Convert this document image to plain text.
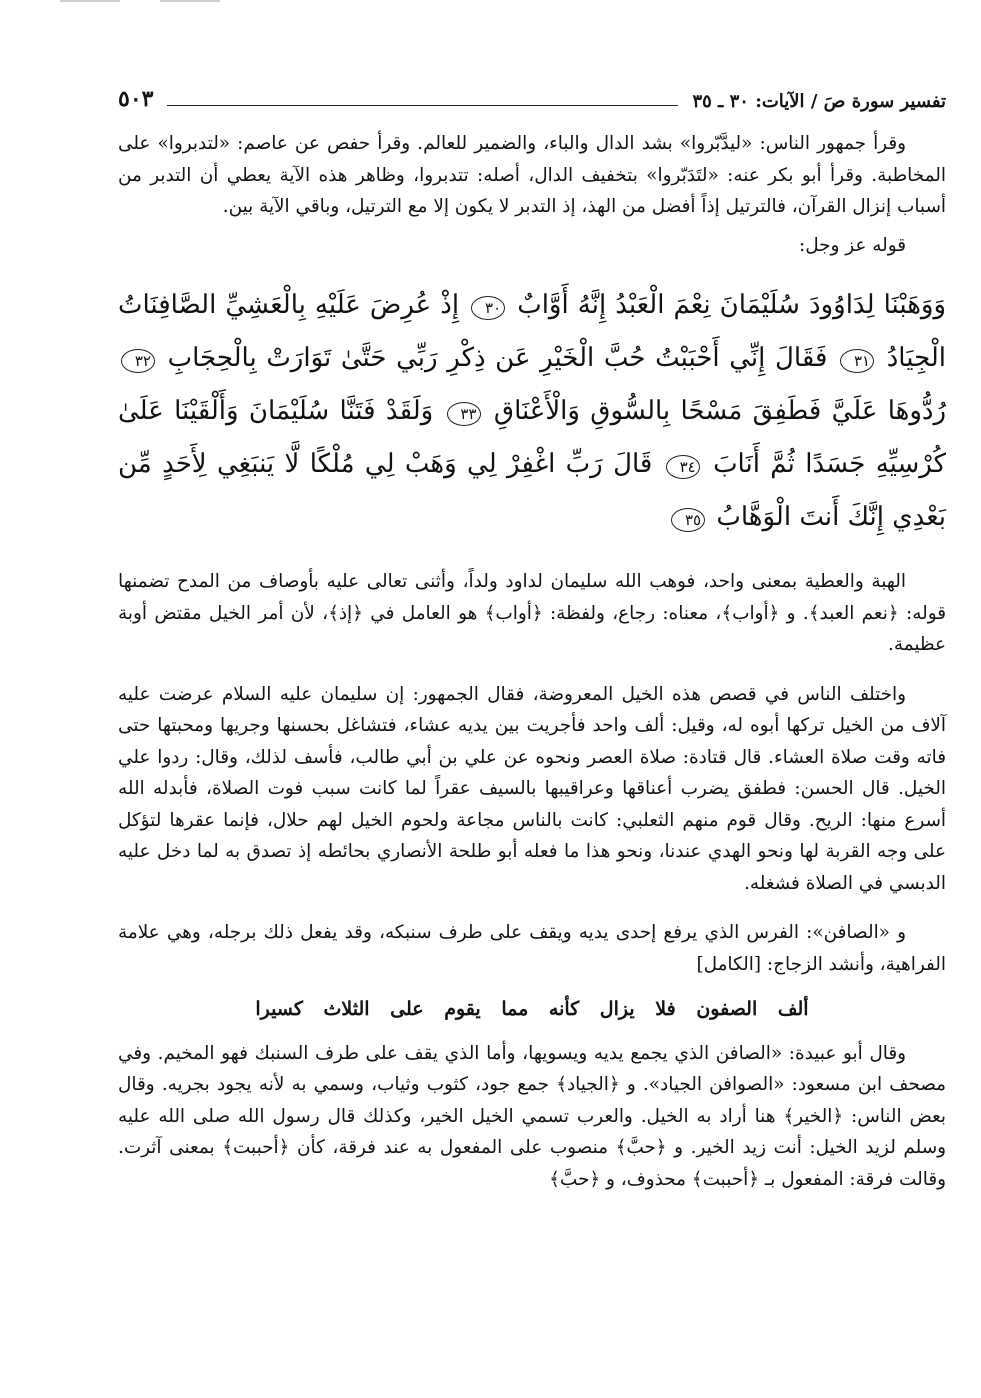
تفسير سورة صَ / الآيات: ٣٠ ـ ٣٥
٥٠٣

وقرأ جمهور الناس: «ليدَّبّروا» بشد الدال والباء، والضمير للعالم. وقرأ حفص عن عاصم: «لتدبروا» على المخاطبة. وقرأ أبو بكر عنه: «لتَدَبّروا» بتخفيف الدال، أصله: تتدبروا، وظاهر هذه الآية يعطي أن التدبر من أسباب إنزال القرآن، فالترتيل إذاً أفضل من الهذ، إذ التدبر لا يكون إلا مع الترتيل، وباقي الآية بين.

قوله عز وجل:

وَوَهَبْنَا لِدَاوُودَ سُلَيْمَانَ نِعْمَ الْعَبْدُ إِنَّهُ أَوَّابٌ ٣٠ إِذْ عُرِضَ عَلَيْهِ بِالْعَشِيِّ الصَّافِنَاتُ الْجِيَادُ ٣١ فَقَالَ إِنِّي أَحْبَبْتُ حُبَّ الْخَيْرِ عَن ذِكْرِ رَبِّي حَتَّىٰ تَوَارَتْ بِالْحِجَابِ ٣٢ رُدُّوهَا عَلَيَّ فَطَفِقَ مَسْحًا بِالسُّوقِ وَالْأَعْنَاقِ ٣٣ وَلَقَدْ فَتَنَّا سُلَيْمَانَ وَأَلْقَيْنَا عَلَىٰ كُرْسِيِّهِ جَسَدًا ثُمَّ أَنَابَ ٣٤ قَالَ رَبِّ اغْفِرْ لِي وَهَبْ لِي مُلْكًا لَّا يَنبَغِي لِأَحَدٍ مِّن بَعْدِي إِنَّكَ أَنتَ الْوَهَّابُ ٣٥

الهبة والعطية بمعنى واحد، فوهب الله سليمان لداود ولداً، وأثنى تعالى عليه بأوصاف من المدح تضمنها قوله: ﴿نعم العبد﴾. و ﴿أواب﴾، معناه: رجاع، ولفظة: ﴿أواب﴾ هو العامل في ﴿إذ﴾، لأن أمر الخيل مقتض أوبة عظيمة.

واختلف الناس في قصص هذه الخيل المعروضة، فقال الجمهور: إن سليمان عليه السلام عرضت عليه آلاف من الخيل تركها أبوه له، وقيل: ألف واحد فأجريت بين يديه عشاء، فتشاغل بحسنها وجريها ومحبتها حتى فاته وقت صلاة العشاء. قال قتادة: صلاة العصر ونحوه عن علي بن أبي طالب، فأسف لذلك، وقال: ردوا علي الخيل. قال الحسن: فطفق يضرب أعناقها وعراقيبها بالسيف عقراً لما كانت سبب فوت الصلاة، فأبدله الله أسرع منها: الريح. وقال قوم منهم الثعلبي: كانت بالناس مجاعة ولحوم الخيل لهم حلال، فإنما عقرها لتؤكل على وجه القربة لها ونحو الهدي عندنا، ونحو هذا ما فعله أبو طلحة الأنصاري بحائطه إذ تصدق به لما دخل عليه الدبسي في الصلاة فشغله.

و «الصافن»: الفرس الذي يرفع إحدى يديه ويقف على طرف سنبكه، وقد يفعل ذلك برجله، وهي علامة الفراهية، وأنشد الزجاج: [الكامل]

ألف الصفون فلا يزال كأنه مما يقوم على الثلاث كسيرا

وقال أبو عبيدة: «الصافن الذي يجمع يديه ويسويها، وأما الذي يقف على طرف السنبك فهو المخيم. وفي مصحف ابن مسعود: «الصوافن الجياد». و ﴿الجياد﴾ جمع جود، كثوب وثياب، وسمي به لأنه يجود بجريه. وقال بعض الناس: ﴿الخير﴾ هنا أراد به الخيل. والعرب تسمي الخيل الخير، وكذلك قال رسول الله صلى الله عليه وسلم لزيد الخيل: أنت زيد الخير. و ﴿حبَّ﴾ منصوب على المفعول به عند فرقة، كأن ﴿أحببت﴾ بمعنى آثرت. وقالت فرقة: المفعول بـ ﴿أحببت﴾ محذوف، و ﴿حبَّ﴾
